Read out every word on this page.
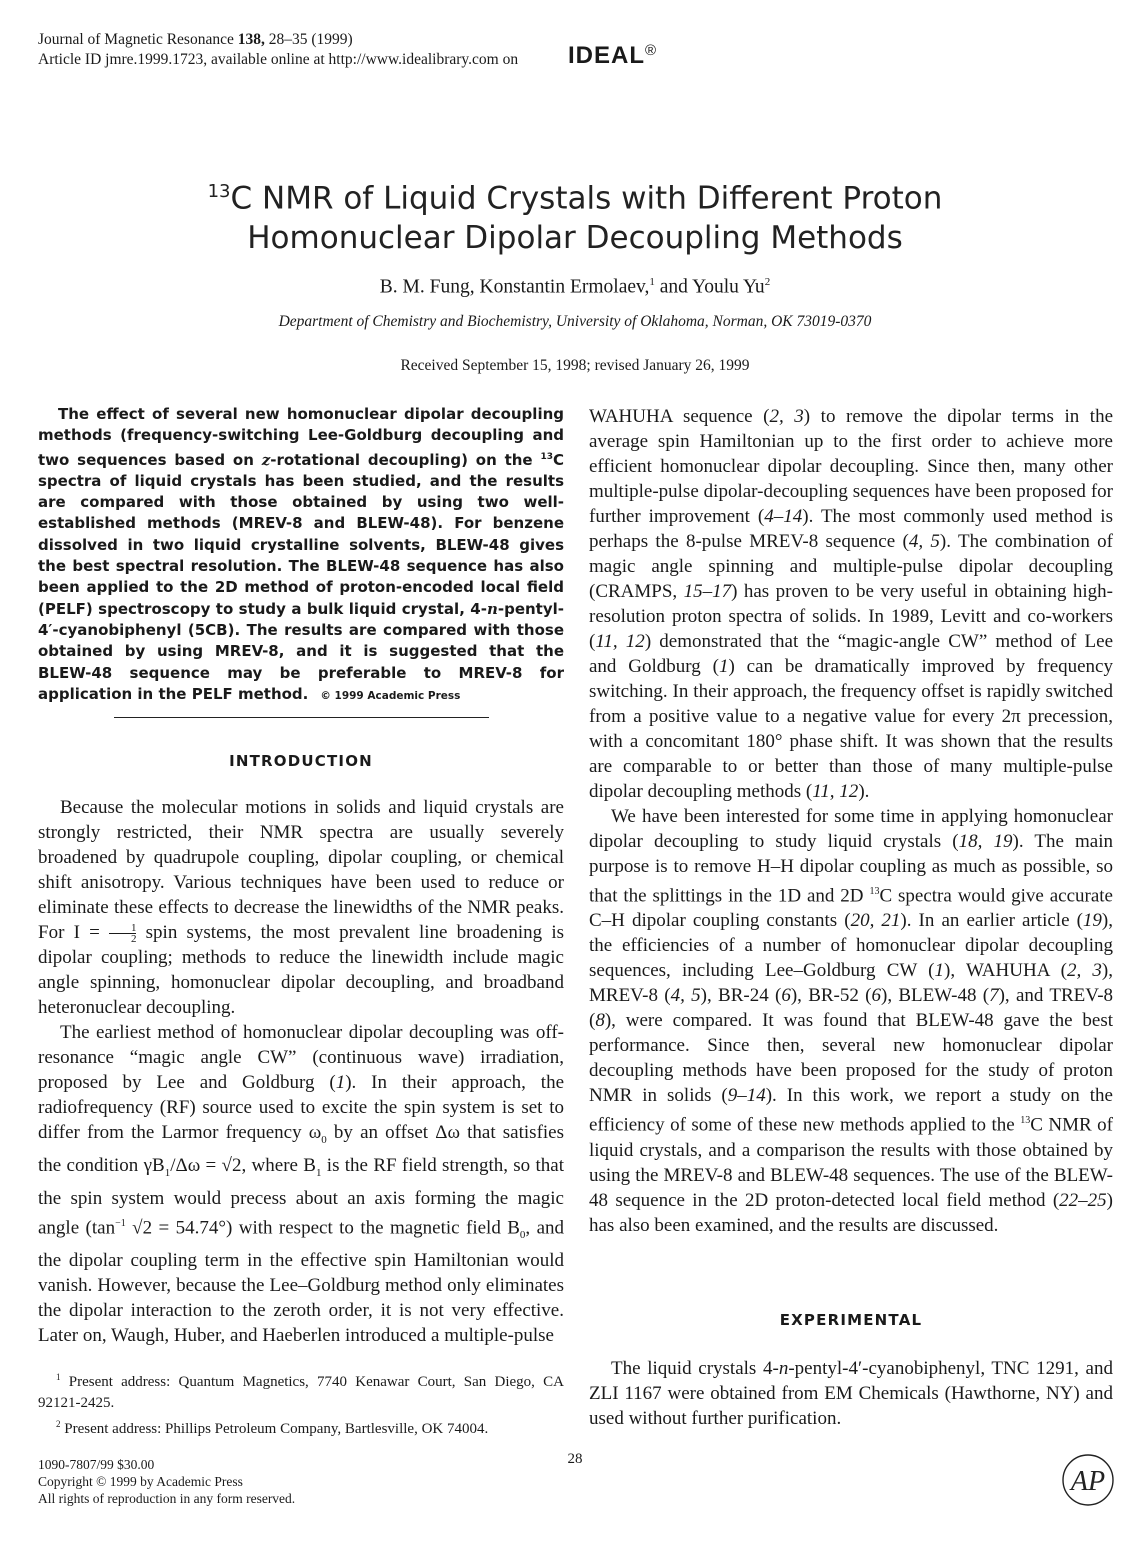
Journal of Magnetic Resonance 138, 28–35 (1999)
Article ID jmre.1999.1723, available online at http://www.idealibrary.com on IDEAL®
$^{13}$C NMR of Liquid Crystals with Different Proton
Homonuclear Dipolar Decoupling Methods
B. M. Fung, Konstantin Ermolaev,$^1$ and Youlu Yu$^2$
Department of Chemistry and Biochemistry, University of Oklahoma, Norman, OK 73019-0370
Received September 15, 1998; revised January 26, 1999

The effect of several new homonuclear dipolar decoupling methods (frequency-switching Lee-Goldburg decoupling and two sequences based on z-rotational decoupling) on the $^{13}$C spectra of liquid crystals has been studied, and the results are compared with those obtained by using two well-established methods (MREV-8 and BLEW-48). For benzene dissolved in two liquid crystalline solvents, BLEW-48 gives the best spectral resolution. The BLEW-48 sequence has also been applied to the 2D method of proton-encoded local field (PELF) spectroscopy to study a bulk liquid crystal, 4-n-pentyl-4′-cyanobiphenyl (5CB). The results are compared with those obtained by using MREV-8, and it is suggested that the BLEW-48 sequence may be preferable to MREV-8 for application in the PELF method. © 1999 Academic Press

INTRODUCTION

Because the molecular motions in solids and liquid crystals are strongly restricted, their NMR spectra are usually severely broadened by quadrupole coupling, dipolar coupling, or chemical shift anisotropy. Various techniques have been used to reduce or eliminate these effects to decrease the linewidths of the NMR peaks. For $I = \frac{1}{2}$ spin systems, the most prevalent line broadening is dipolar coupling; methods to reduce the linewidth include magic angle spinning, homonuclear dipolar decoupling, and broadband heteronuclear decoupling.

The earliest method of homonuclear dipolar decoupling was off-resonance “magic angle CW” (continuous wave) irradiation, proposed by Lee and Goldburg (1). In their approach, the radiofrequency (RF) source used to excite the spin system is set to differ from the Larmor frequency $\omega_0$ by an offset Δω that satisfies the condition $\gamma B_1/\Delta\omega = √2$, where $B_1$ is the RF field strength, so that the spin system would precess about an axis forming the magic angle ($\tan^{-1}$ √2 = 54.74°) with respect to the magnetic field $B_0$, and the dipolar coupling term in the effective spin Hamiltonian would vanish. However, because the Lee–Goldburg method only eliminates the dipolar interaction to the zeroth order, it is not very effective. Later on, Waugh, Huber, and Haeberlen introduced a multiple-pulse

$^1$ Present address: Quantum Magnetics, 7740 Kenawar Court, San Diego, CA 92121-2425.

$^2$ Present address: Phillips Petroleum Company, Bartlesville, OK 74004.

WAHUHA sequence (2, 3) to remove the dipolar terms in the average spin Hamiltonian up to the first order to achieve more efficient homonuclear dipolar decoupling. Since then, many other multiple-pulse dipolar-decoupling sequences have been proposed for further improvement (4–14). The most commonly used method is perhaps the 8-pulse MREV-8 sequence (4, 5). The combination of magic angle spinning and multiple-pulse dipolar decoupling (CRAMPS, 15–17) has proven to be very useful in obtaining high-resolution proton spectra of solids. In 1989, Levitt and co-workers (11, 12) demonstrated that the “magic-angle CW” method of Lee and Goldburg (1) can be dramatically improved by frequency switching. In their approach, the frequency offset is rapidly switched from a positive value to a negative value for every 2π precession, with a concomitant 180° phase shift. It was shown that the results are comparable to or better than those of many multiple-pulse dipolar decoupling methods (11, 12).

We have been interested for some time in applying homonuclear dipolar decoupling to study liquid crystals (18, 19). The main purpose is to remove H–H dipolar coupling as much as possible, so that the splittings in the 1D and 2D $^{13}$C spectra would give accurate C–H dipolar coupling constants (20, 21). In an earlier article (19), the efficiencies of a number of homonuclear dipolar decoupling sequences, including Lee–Goldburg CW (1), WAHUHA (2, 3), MREV-8 (4, 5), BR-24 (6), BR-52 (6), BLEW-48 (7), and TREV-8 (8), were compared. It was found that BLEW-48 gave the best performance. Since then, several new homonuclear dipolar decoupling methods have been proposed for the study of proton NMR in solids (9–14). In this work, we report a study on the efficiency of some of these new methods applied to the $^{13}$C NMR of liquid crystals, and a comparison the results with those obtained by using the MREV-8 and BLEW-48 sequences. The use of the BLEW-48 sequence in the 2D proton-detected local field method (22–25) has also been examined, and the results are discussed.

EXPERIMENTAL

The liquid crystals 4-n-pentyl-4′-cyanobiphenyl, TNC 1291, and ZLI 1167 were obtained from EM Chemicals (Hawthorne, NY) and used without further purification.

28
1090-7807/99 $30.00
Copyright © 1999 by Academic Press
All rights of reproduction in any form reserved.
AP
